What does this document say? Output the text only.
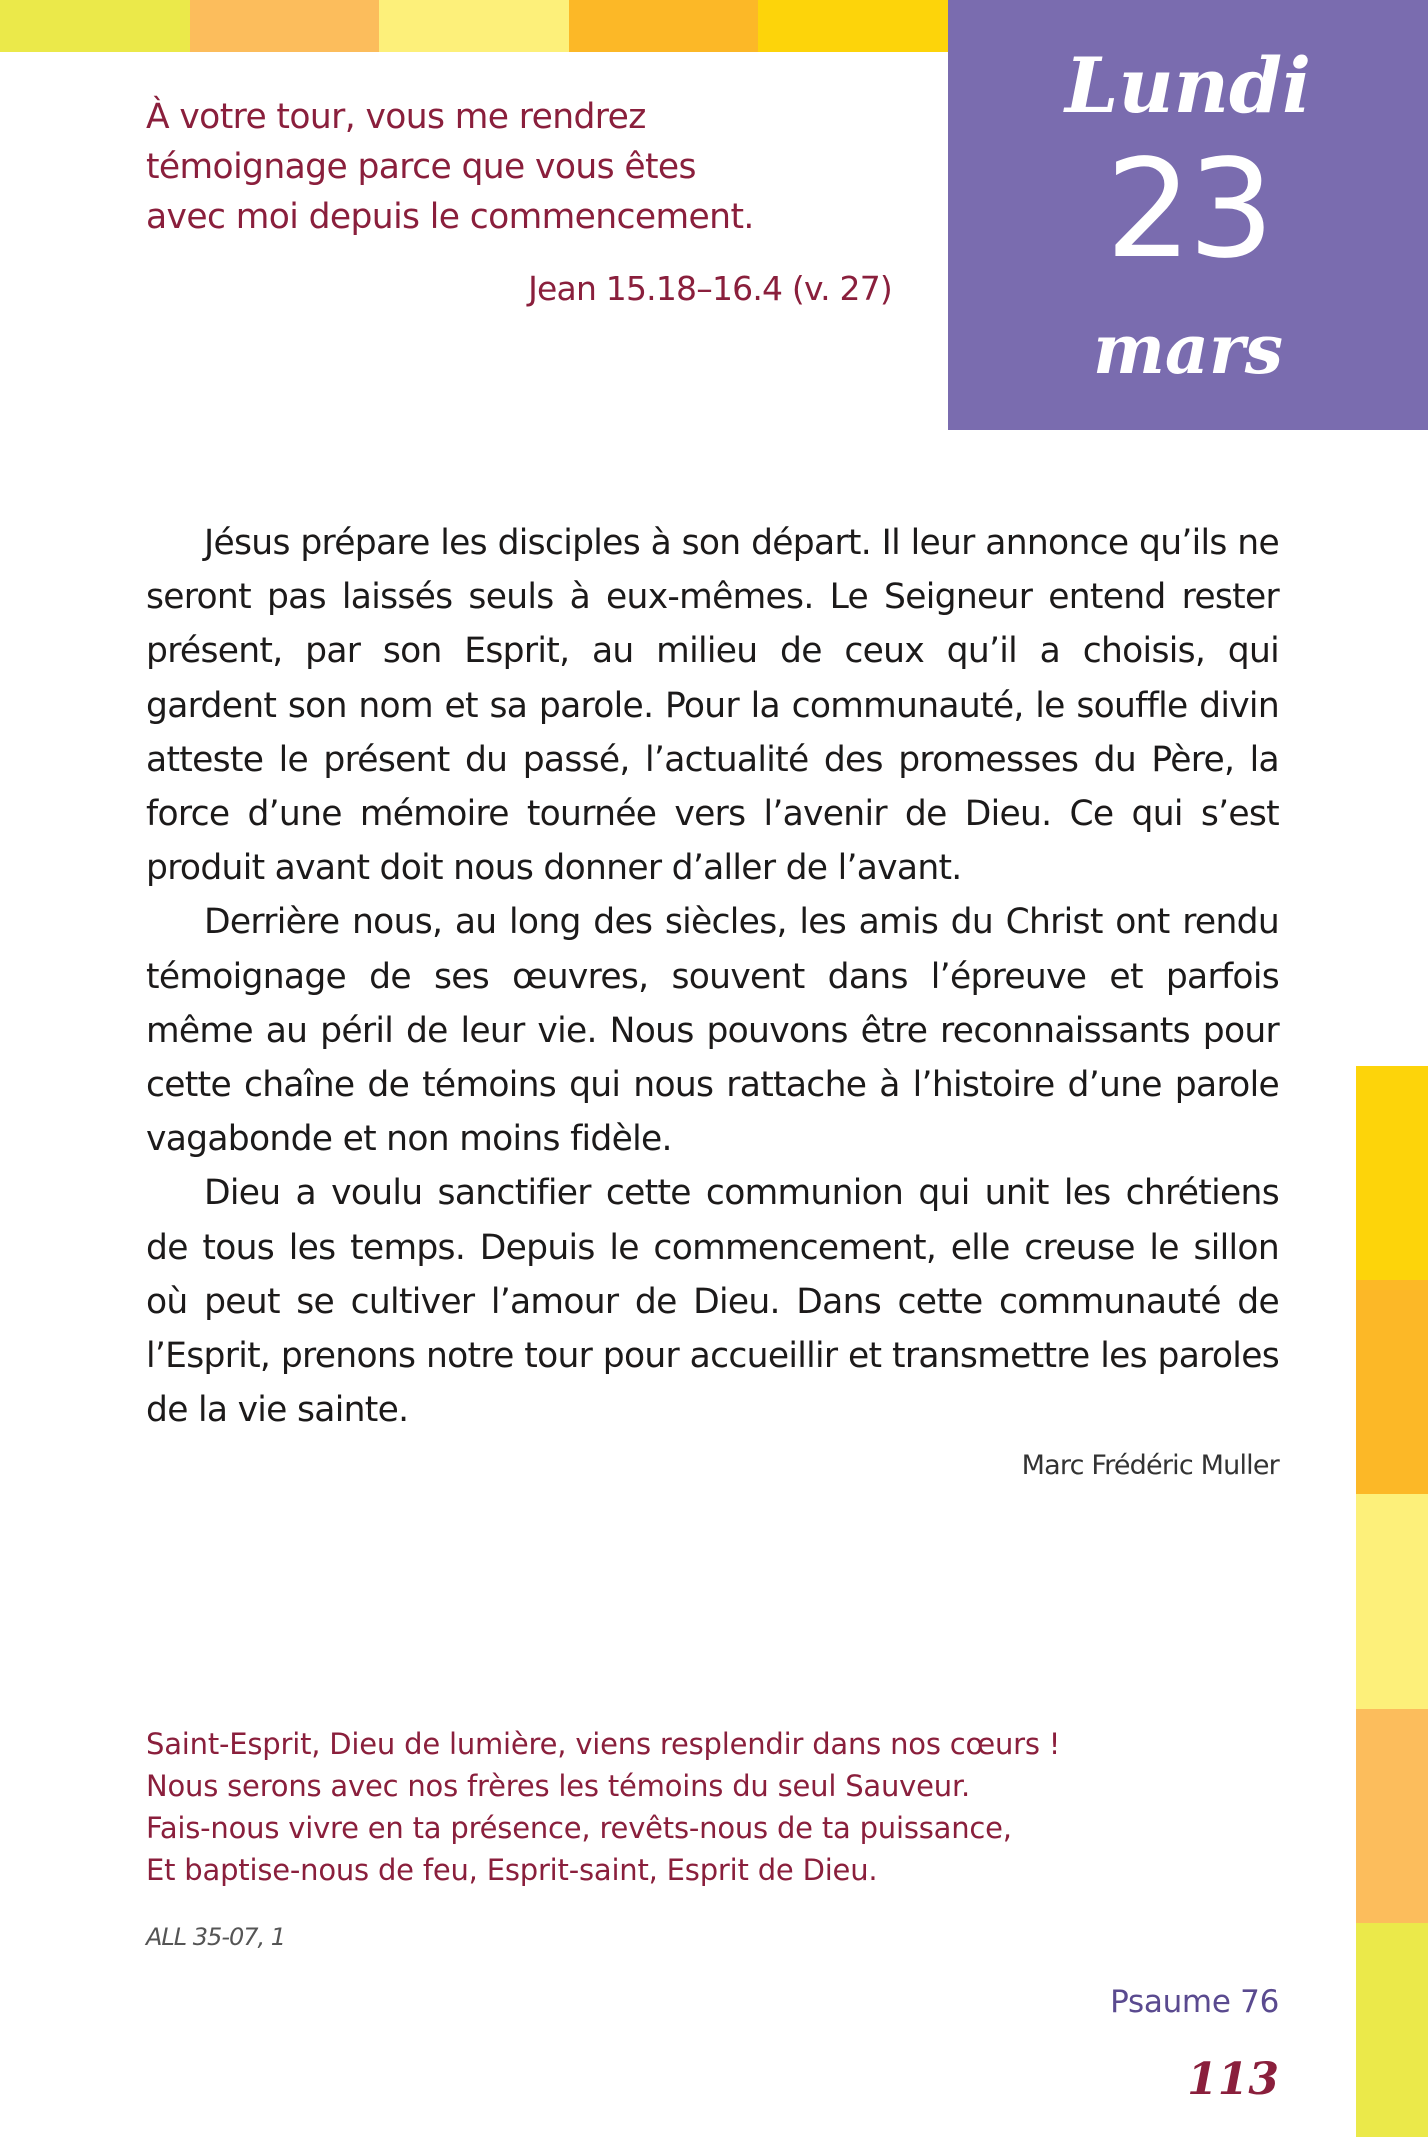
Lundi
23
mars
À votre tour, vous me rendrez
témoignage parce que vous êtes
avec moi depuis le commencement.
Jean 15.18–16.4 (v. 27)

Jésus prépare les disciples à son départ. Il leur annonce qu’ils ne seront pas laissés seuls à eux-mêmes. Le Seigneur entend rester présent, par son Esprit, au milieu de ceux qu’il a choisis, qui gardent son nom et sa parole. Pour la communauté, le souffle divin atteste le présent du passé, l’actualité des promesses du Père, la force d’une mémoire tournée vers l’avenir de Dieu. Ce qui s’est produit avant doit nous donner d’aller de l’avant.

Derrière nous, au long des siècles, les amis du Christ ont rendu témoignage de ses œuvres, souvent dans l’épreuve et parfois même au péril de leur vie. Nous pouvons être reconnaissants pour cette chaîne de témoins qui nous rattache à l’histoire d’une parole vagabonde et non moins fidèle.

Dieu a voulu sanctifier cette communion qui unit les chrétiens de tous les temps. Depuis le commencement, elle creuse le sillon où peut se cultiver l’amour de Dieu. Dans cette communauté de l’Esprit, prenons notre tour pour accueillir et transmettre les paroles de la vie sainte.

Marc Frédéric Muller
Saint-Esprit, Dieu de lumière, viens resplendir dans nos cœurs !
Nous serons avec nos frères les témoins du seul Sauveur.
Fais-nous vivre en ta présence, revêts-nous de ta puissance,
Et baptise-nous de feu, Esprit-saint, Esprit de Dieu.
ALL 35-07, 1
Psaume 76
113
